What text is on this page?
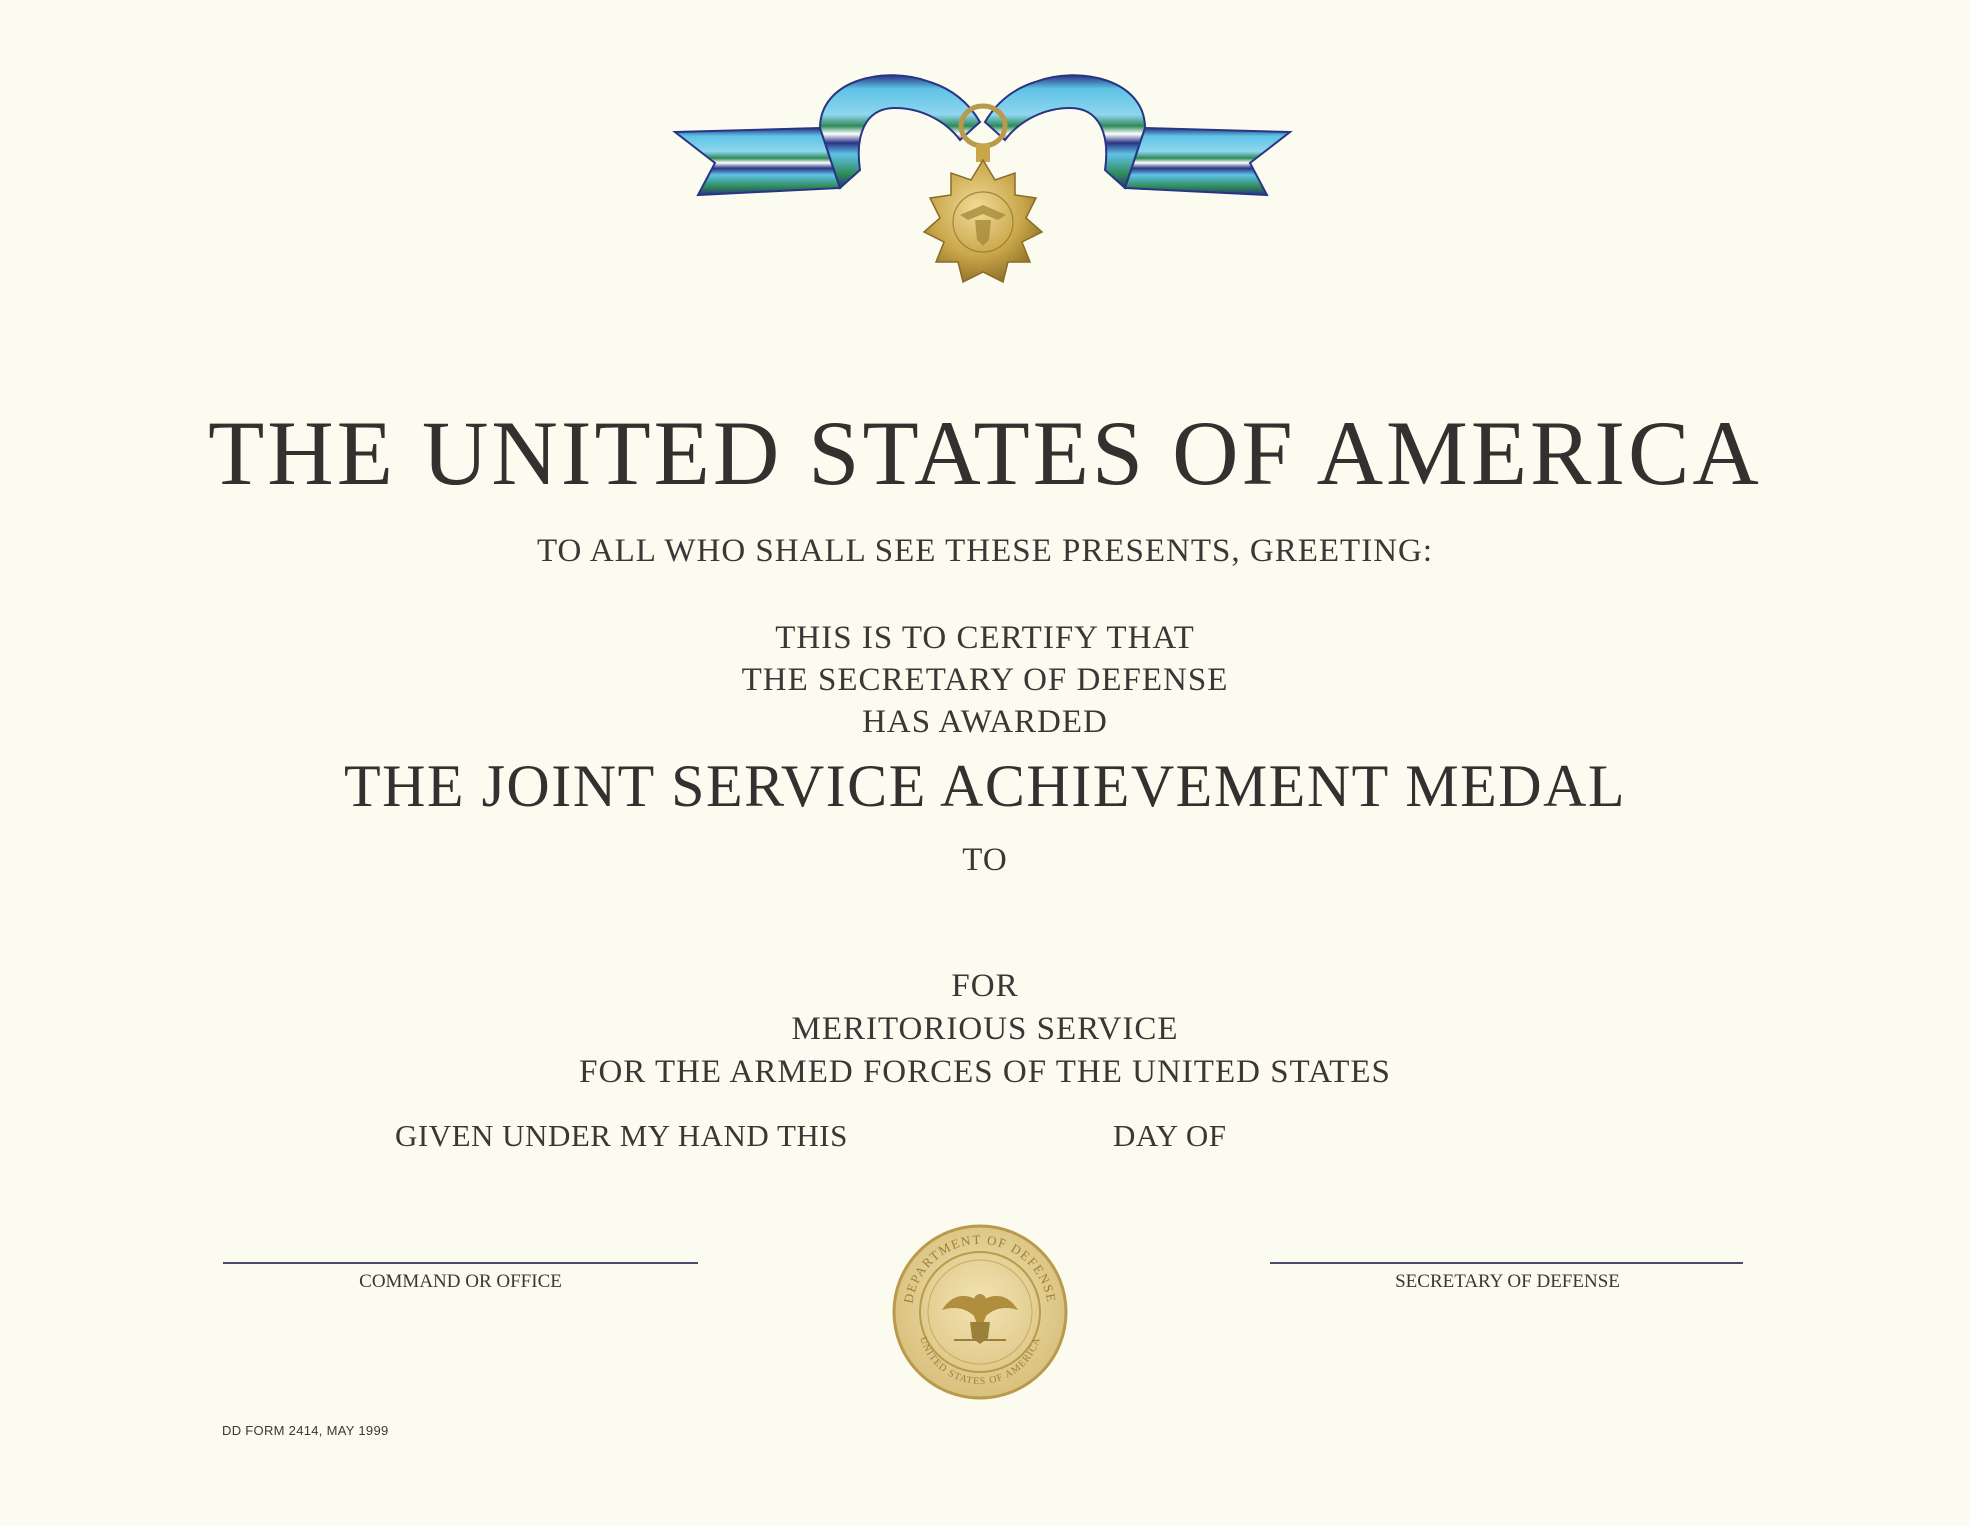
THE UNITED STATES OF AMERICA
TO ALL WHO SHALL SEE THESE PRESENTS, GREETING:
THIS IS TO CERTIFY THAT
THE SECRETARY OF DEFENSE
HAS AWARDED
THE JOINT SERVICE ACHIEVEMENT MEDAL
TO
FOR
MERITORIOUS SERVICE
FOR THE ARMED FORCES OF THE UNITED STATES
GIVEN UNDER MY HAND THIS	DAY OF
COMMAND OR OFFICE	SECRETARY OF DEFENSE
DEPARTMENT OF DEFENSE
UNITED STATES OF AMERICA
DD FORM 2414, MAY 1999
